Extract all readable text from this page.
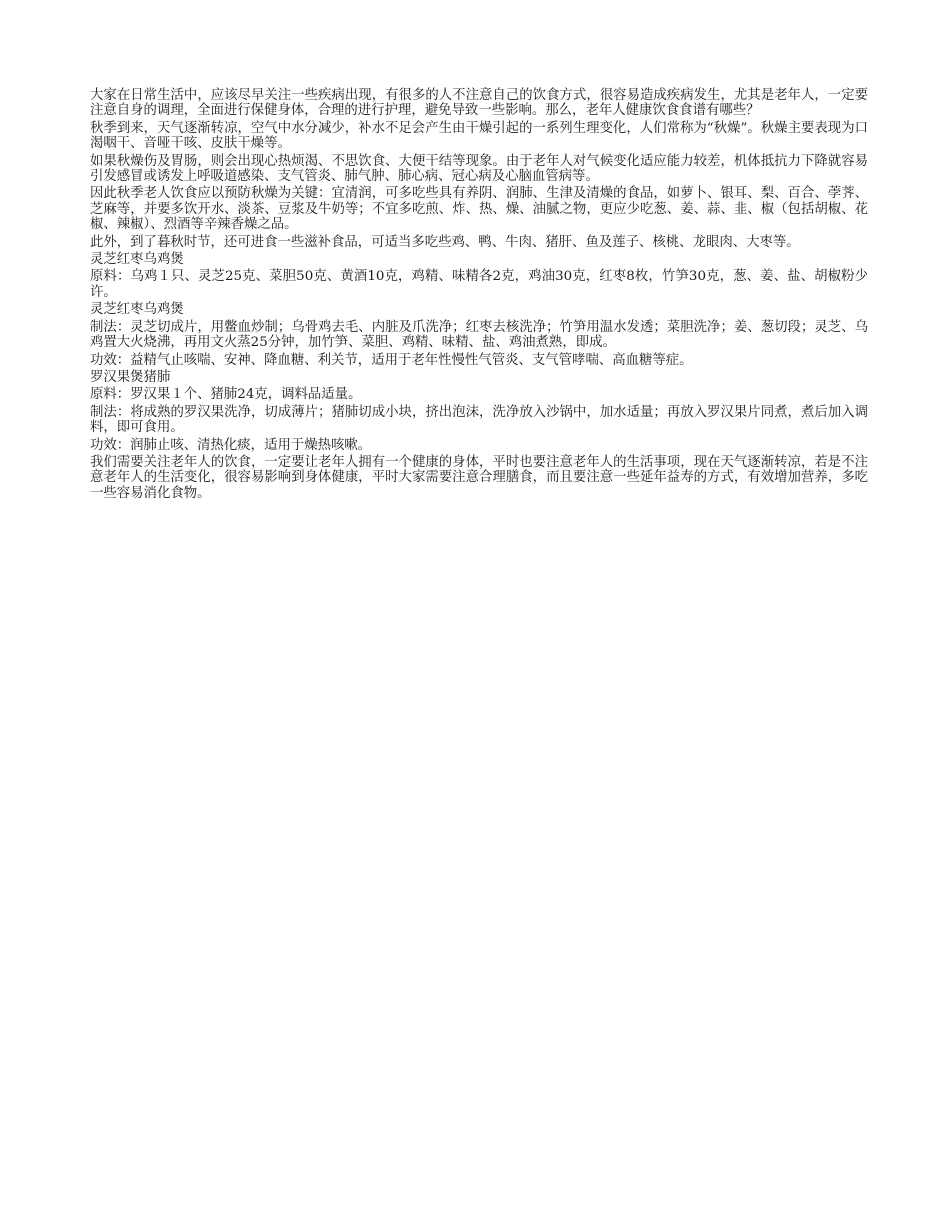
大家在日常生活中，应该尽早关注一些疾病出现，有很多的人不注意自己的饮食方式，很容易造成疾病发生，尤其是老年人，一定要注意自身的调理，全面进行保健身体，合理的进行护理，避免导致一些影响。那么，老年人健康饮食食谱有哪些？

秋季到来，天气逐渐转凉，空气中水分减少，补水不足会产生由干燥引起的一系列生理变化，人们常称为“秋燥”。秋燥主要表现为口渴咽干、音哑干咳、皮肤干燥等。

如果秋燥伤及胃肠，则会出现心热烦渴、不思饮食、大便干结等现象。由于老年人对气候变化适应能力较差，机体抵抗力下降就容易引发感冒或诱发上呼吸道感染、支气管炎、肺气肿、肺心病、冠心病及心脑血管病等。

因此秋季老人饮食应以预防秋燥为关键：宜清润，可多吃些具有养阴、润肺、生津及清燥的食品，如萝卜、银耳、梨、百合、荸荠、芝麻等，并要多饮开水、淡茶、豆浆及牛奶等；不宜多吃煎、炸、热、燥、油腻之物，更应少吃葱、姜、蒜、韭、椒（包括胡椒、花椒、辣椒）、烈酒等辛辣香燥之品。

此外，到了暮秋时节，还可进食一些滋补食品，可适当多吃些鸡、鸭、牛肉、猪肝、鱼及莲子、核桃、龙眼肉、大枣等。

灵芝红枣乌鸡煲

原料：乌鸡１只、灵芝25克、菜胆50克、黄酒10克，鸡精、味精各2克，鸡油30克，红枣8枚，竹笋30克，葱、姜、盐、胡椒粉少许。

灵芝红枣乌鸡煲

制法：灵芝切成片，用鳖血炒制；乌骨鸡去毛、内脏及爪洗净；红枣去核洗净；竹笋用温水发透；菜胆洗净；姜、葱切段；灵芝、乌鸡置大火烧沸，再用文火蒸25分钟，加竹笋、菜胆、鸡精、味精、盐、鸡油煮熟，即成。

功效：益精气止咳喘、安神、降血糖、利关节，适用于老年性慢性气管炎、支气管哮喘、高血糖等症。

罗汉果煲猪肺

原料：罗汉果１个、猪肺24克，调料品适量。

制法：将成熟的罗汉果洗净，切成薄片；猪肺切成小块，挤出泡沫，洗净放入沙锅中，加水适量；再放入罗汉果片同煮，煮后加入调料，即可食用。

功效：润肺止咳、清热化痰，适用于燥热咳嗽。

我们需要关注老年人的饮食，一定要让老年人拥有一个健康的身体，平时也要注意老年人的生活事项，现在天气逐渐转凉，若是不注意老年人的生活变化，很容易影响到身体健康，平时大家需要注意合理膳食，而且要注意一些延年益寿的方式，有效增加营养，多吃一些容易消化食物。
